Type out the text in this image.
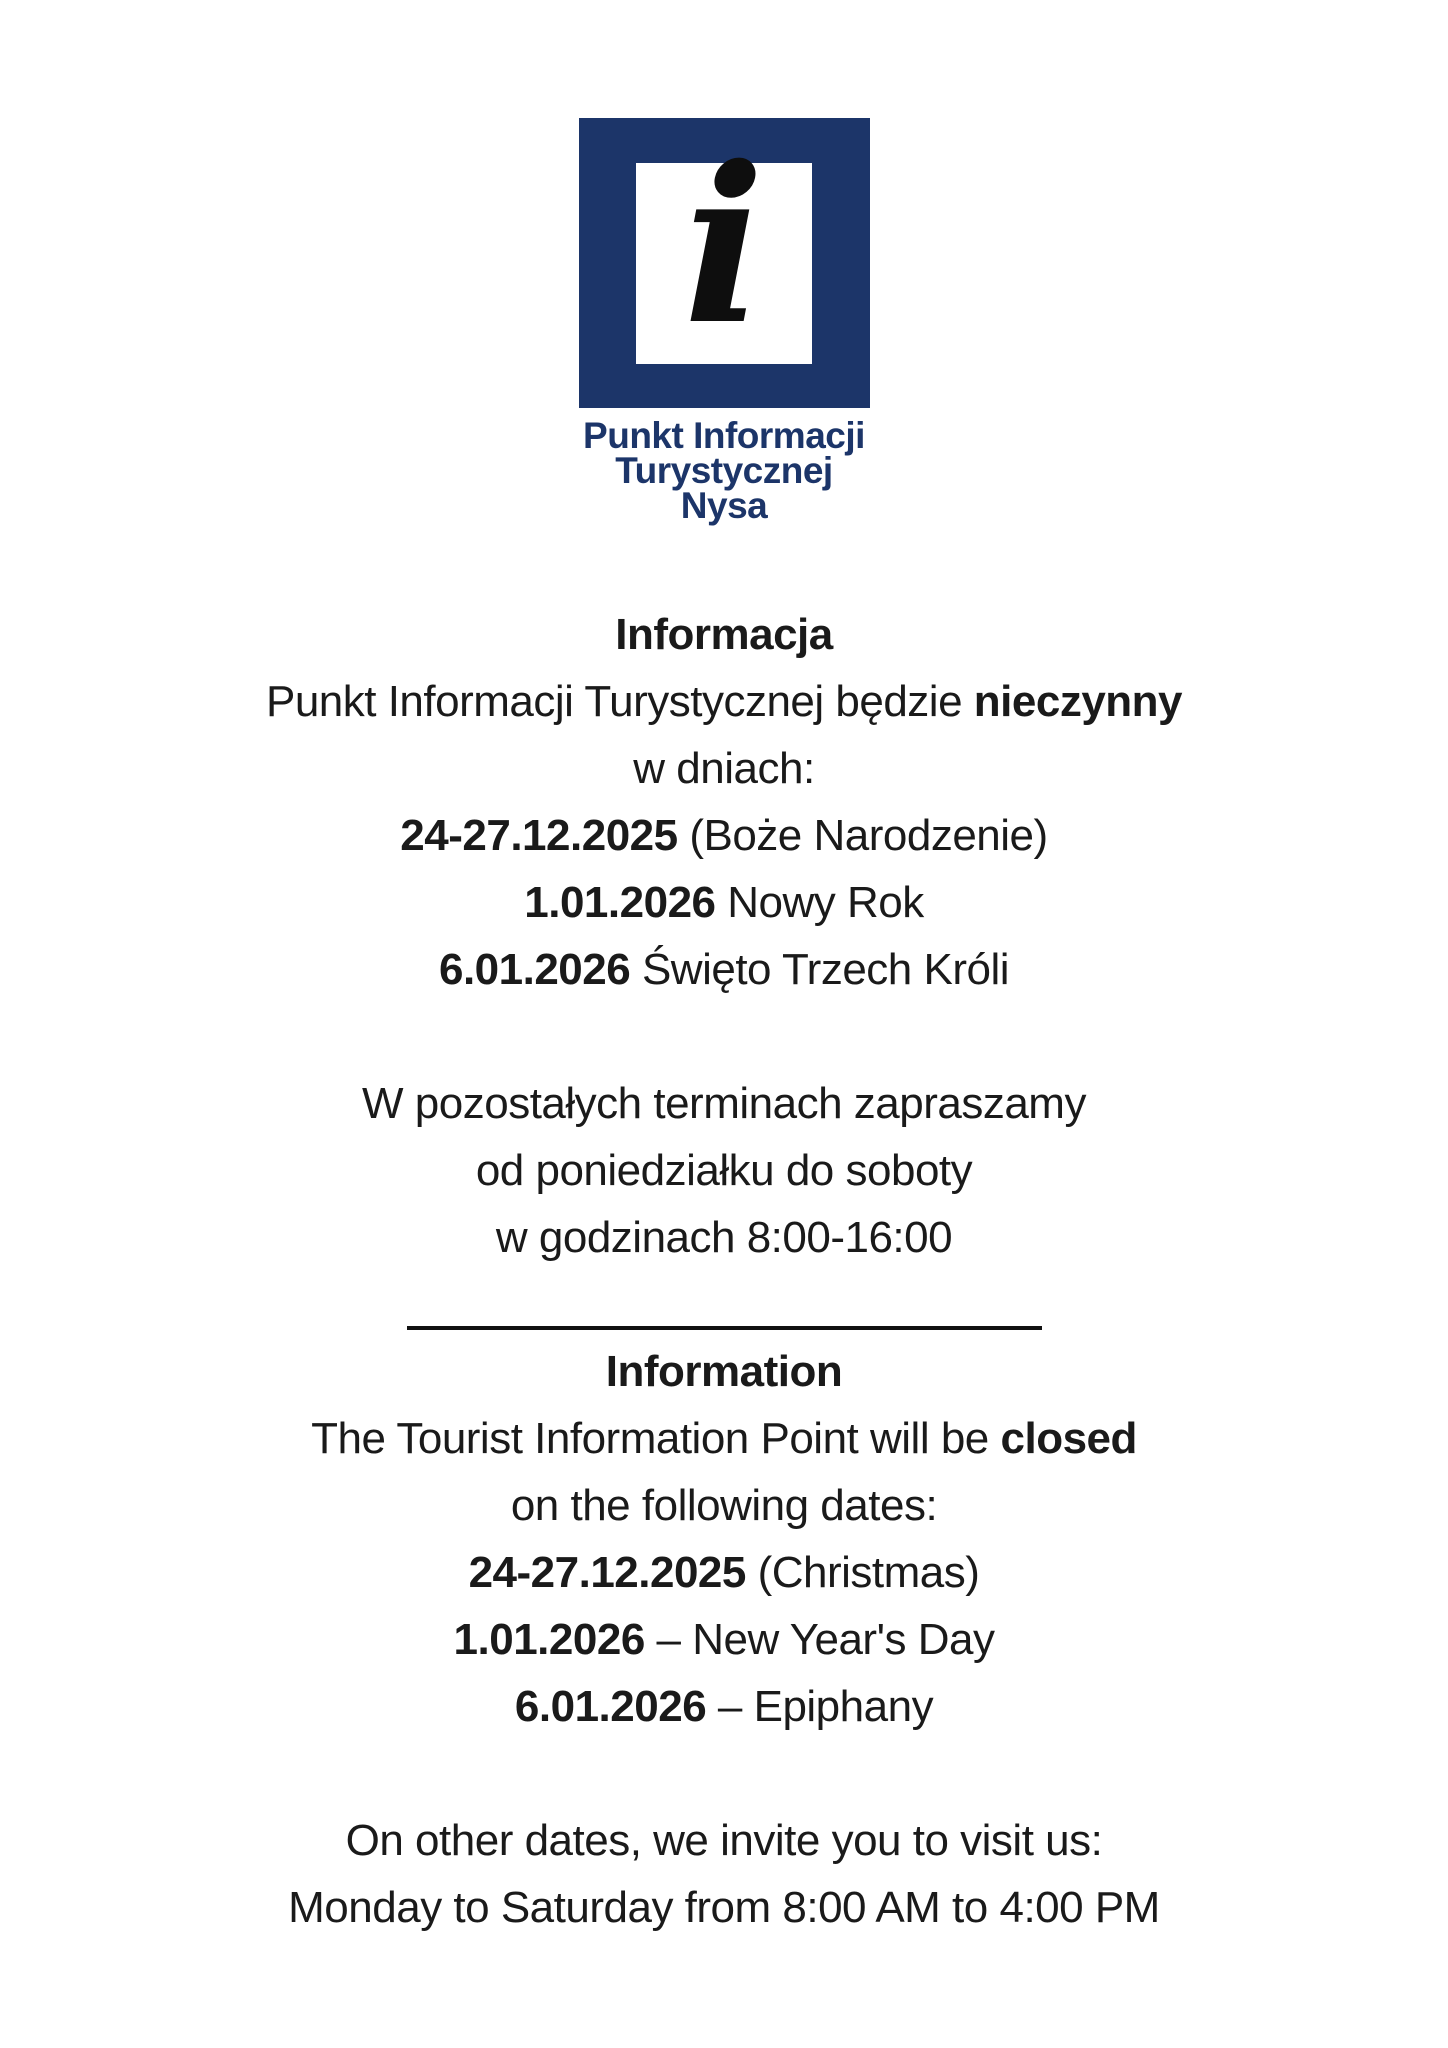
i
Punkt Informacji
Turystycznej
Nysa
Informacja
Punkt Informacji Turystycznej będzie nieczynny
w dniach:
24-27.12.2025 (Boże Narodzenie)
1.01.2026 Nowy Rok
6.01.2026 Święto Trzech Króli
W pozostałych terminach zapraszamy
od poniedziałku do soboty
w godzinach 8:00-16:00
Information
The Tourist Information Point will be closed
on the following dates:
24-27.12.2025 (Christmas)
1.01.2026 – New Year's Day
6.01.2026 – Epiphany
On other dates, we invite you to visit us:
Monday to Saturday from 8:00 AM to 4:00 PM
